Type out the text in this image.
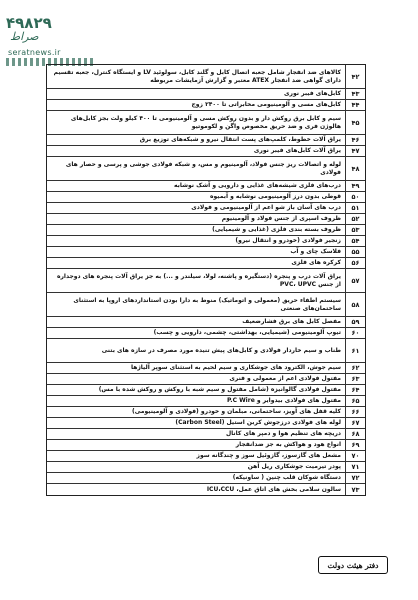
۴۹۸۲۹
صراط
seratnews.ir
۴۲
کالاهای ضد انفجار شامل جعبه اتصال کابل و گلند کابل، سولوئید LV و ایستگاه کنترل، جعبه تقسیم دارای گواهی ضد انفجار ATEX معتبر و گزارش آزمایشات مربوطه
۴۳
کابل‌های فیبر نوری
۴۴
کابل‌های مسی و آلومینیومی مخابراتی تا ۲۴۰۰ زوج
۴۵
سیم و کابل برق روکش دار و بدون روکش مسی و آلومینیومی تا ۴۰۰ کیلو ولت بجز کابل‌های هالوژن فری و ضد حریق مخصوص واگن و لکوموتیو
۴۶
یراق آلات خطوط، کلمپ‌های پست انتقال نیرو و شبکه‌های توزیع برق
۴۷
یراق آلات کابل‌های فیبر نوری
۴۸
لوله و اتصالات ریز جنس فولاد، آلومینیوم و مس، و شبکه فولادی جوشی و پرسی و حصار های فولادی
۴۹
درب‌های فلزی شیشه‌های غذایی و دارویی و آشک نوشابه
۵۰
قوطی بدون درز آلومینیومی نوشابه و آبمیوه
۵۱
درب های آسان باز شو اعم از آلومینیومی و فولادی
۵۲
ظروف اسپری از جنس فولاد و آلومینیوم
۵۳
ظروف بسته بندی فلزی (غذایی و شیمیایی)
۵۴
زنجیر فولادی (خودرو و انتقال نیرو)
۵۵
فلاسک چای و آب
۵۶
کرکره های فلزی
۵۷
یراق آلات درب و پنجره (دستگیره و پاشنه، لولا، سیلندر و ...) به جز یراق آلات پنجره های دوجداره از جنس PVC، UPVC
۵۸
سیستم اطفاء حریق (معمولی و اتوماتیک) منوط به دارا بودن استانداردهای اروپا به استثنای ساختمان‌های صنعتی
۵۹
مفصل کابل های برق فشارضعیف
۶۰
تیوپ آلومینیومی (شیمیایی، بهداشتی، چشمی، دارویی و چسب)
۶۱
طناب و سیم خاردار فولادی و کابل‌های پیش تنیده مورد مصرف در سازه های بتنی
۶۲
سیم جوش، الکترود های جوشکاری و سیم لحیم به استثنای سوپر آلیاژها
۶۳
مفتول فولادی اعم از معمولی و فنری
۶۴
مفتول فولادی گالوانیزه (شامل مفتول و سیم شبه با روکش و روکش شده با مس)
۶۵
مفتول های فولادی بیدوایر و P.C Wire
۶۶
کلیه قفل های آویز، ساختمانی، مبلمان و خودرو (فولادی و آلومینیومی)
۶۷
لوله های فولادی درزجوش کربن استیل (Carbon Steel)
۶۸
دریچه های تنظیم هوا و دمپر های کانال
۶۹
انواع هود و هواکش به جز ضدانفجار
۷۰
مشعل های گازسوز، گازوئیل سوز و چندگانه سوز
۷۱
پودر تیرمیت جوشکاری ریل آهن
۷۲
دستگاه شوکان قلب چنین ( ساونیکه)
۷۳
سالون سلامی بخش های اتاق عمل، ICU،CCU
دفتر هیئت دولت
